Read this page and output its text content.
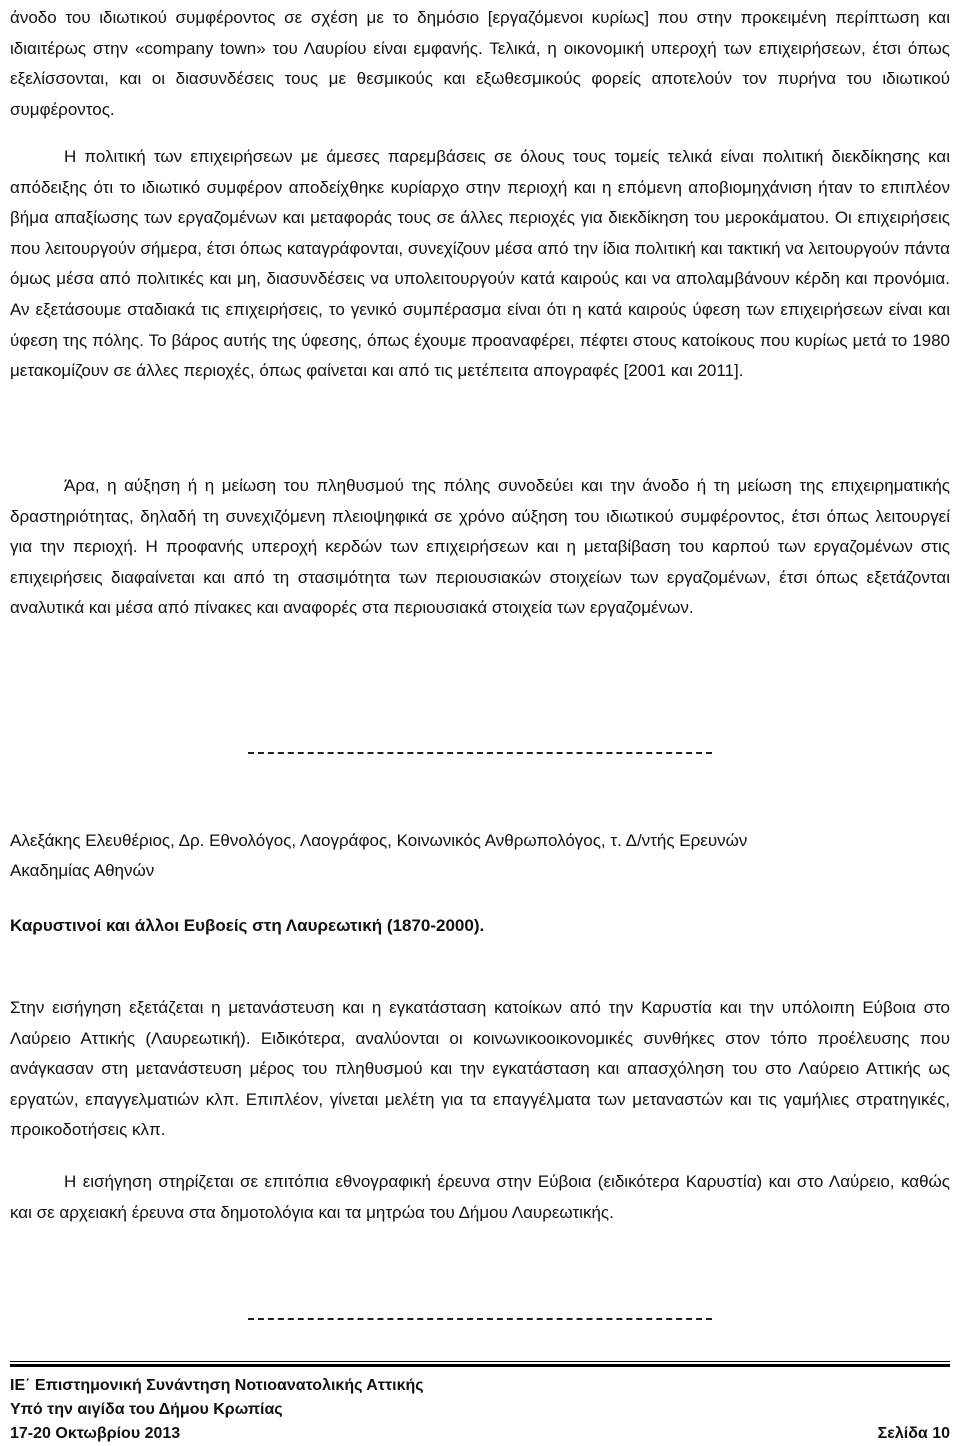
άνοδο του ιδιωτικού συμφέροντος σε σχέση με το δημόσιο [εργαζόμενοι κυρίως] που στην προκειμένη περίπτωση και ιδιαιτέρως στην «company town» του Λαυρίου είναι εμφανής. Τελικά, η οικονομική υπεροχή των επιχειρήσεων, έτσι όπως εξελίσσονται, και οι διασυνδέσεις τους με θεσμικούς και εξωθεσμικούς φορείς αποτελούν τον πυρήνα του ιδιωτικού συμφέροντος.

Η πολιτική των επιχειρήσεων με άμεσες παρεμβάσεις σε όλους τους τομείς τελικά είναι πολιτική διεκδίκησης και απόδειξης ότι το ιδιωτικό συμφέρον αποδείχθηκε κυρίαρχο στην περιοχή και η επόμενη αποβιομηχάνιση ήταν το επιπλέον βήμα απαξίωσης των εργαζομένων και μεταφοράς τους σε άλλες περιοχές για διεκδίκηση του μεροκάματου. Οι επιχειρήσεις που λειτουργούν σήμερα, έτσι όπως καταγράφονται, συνεχίζουν μέσα από την ίδια πολιτική και τακτική να λειτουργούν πάντα όμως μέσα από πολιτικές και μη, διασυνδέσεις να υπολειτουργούν κατά καιρούς και να απολαμβάνουν κέρδη και προνόμια. Αν εξετάσουμε σταδιακά τις επιχειρήσεις, το γενικό συμπέρασμα είναι ότι η κατά καιρούς ύφεση των επιχειρήσεων είναι και ύφεση της πόλης. Το βάρος αυτής της ύφεσης, όπως έχουμε προαναφέρει, πέφτει στους κατοίκους που κυρίως μετά το 1980 μετακομίζουν σε άλλες περιοχές, όπως φαίνεται και από τις μετέπειτα απογραφές [2001 και 2011].

Άρα, η αύξηση ή η μείωση του πληθυσμού της πόλης συνοδεύει και την άνοδο ή τη μείωση της επιχειρηματικής δραστηριότητας, δηλαδή τη συνεχιζόμενη πλειοψηφικά σε χρόνο αύξηση του ιδιωτικού συμφέροντος, έτσι όπως λειτουργεί για την περιοχή. Η προφανής υπεροχή κερδών των επιχειρήσεων και η μεταβίβαση του καρπού των εργαζομένων στις επιχειρήσεις διαφαίνεται και από τη στασιμότητα των περιουσιακών στοιχείων των εργαζομένων, έτσι όπως εξετάζονται αναλυτικά και μέσα από πίνακες και αναφορές στα περιουσιακά στοιχεία των εργαζομένων.

Αλεξάκης Ελευθέριος, Δρ. Εθνολόγος, Λαογράφος, Κοινωνικός Ανθρωπολόγος, τ. Δ/ντής Ερευνών
Ακαδημίας Αθηνών
Καρυστινοί και άλλοι Ευβοείς στη Λαυρεωτική (1870-2000).

Στην εισήγηση εξετάζεται η μετανάστευση και η εγκατάσταση κατοίκων από την Καρυστία και την υπόλοιπη Εύβοια στο Λαύρειο Αττικής (Λαυρεωτική). Ειδικότερα, αναλύονται οι κοινωνικοοικονομικές συνθήκες στον τόπο προέλευσης που ανάγκασαν στη μετανάστευση μέρος του πληθυσμού και την εγκατάσταση και απασχόληση του στο Λαύρειο Αττικής ως εργατών, επαγγελματιών κλπ. Επιπλέον, γίνεται μελέτη για τα επαγγέλματα των μεταναστών και τις γαμήλιες στρατηγικές, προικοδοτήσεις κλπ.

Η εισήγηση στηρίζεται σε επιτόπια εθνογραφική έρευνα στην Εύβοια (ειδικότερα Καρυστία) και στο Λαύρειο, καθώς και σε αρχειακή έρευνα στα δημοτολόγια και τα μητρώα του Δήμου Λαυρεωτικής.

ΙΕ΄ Επιστημονική Συνάντηση Νοτιοανατολικής Αττικής
Υπό την αιγίδα του Δήμου Κρωπίας
17-20 Οκτωβρίου 2013	Σελίδα 10
